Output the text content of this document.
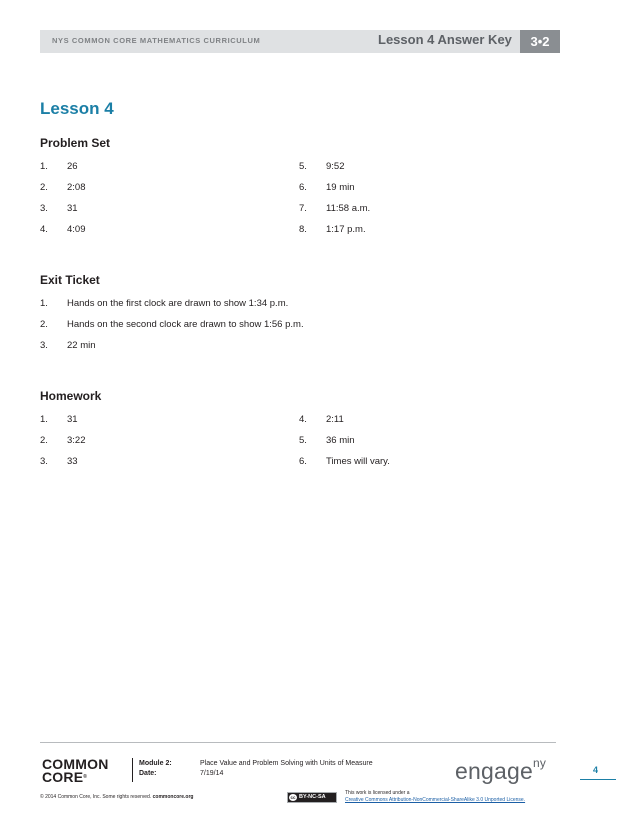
NYS COMMON CORE MATHEMATICS CURRICULUM	Lesson 4 Answer Key	3•2
Lesson 4
Problem Set
1. 26
2. 2:08
3. 31
4. 4:09
5. 9:52
6. 19 min
7. 11:58 a.m.
8. 1:17 p.m.
Exit Ticket
1. Hands on the first clock are drawn to show 1:34 p.m.
2. Hands on the second clock are drawn to show 1:56 p.m.
3. 22 min
Homework
1. 31
2. 3:22
3. 33
4. 2:11
5. 36 min
6. Times will vary.
COMMON
CORE®
Module 2:	Place Value and Problem Solving with Units of Measure
Date:	7/19/14	engage$^{ny}$	4
© 2014 Common Core, Inc. Some rights reserved. commoncore.org	cc BY-NC-SA
This work is licensed under a
Creative Commons Attribution-NonCommercial-ShareAlike 3.0 Unported License.
